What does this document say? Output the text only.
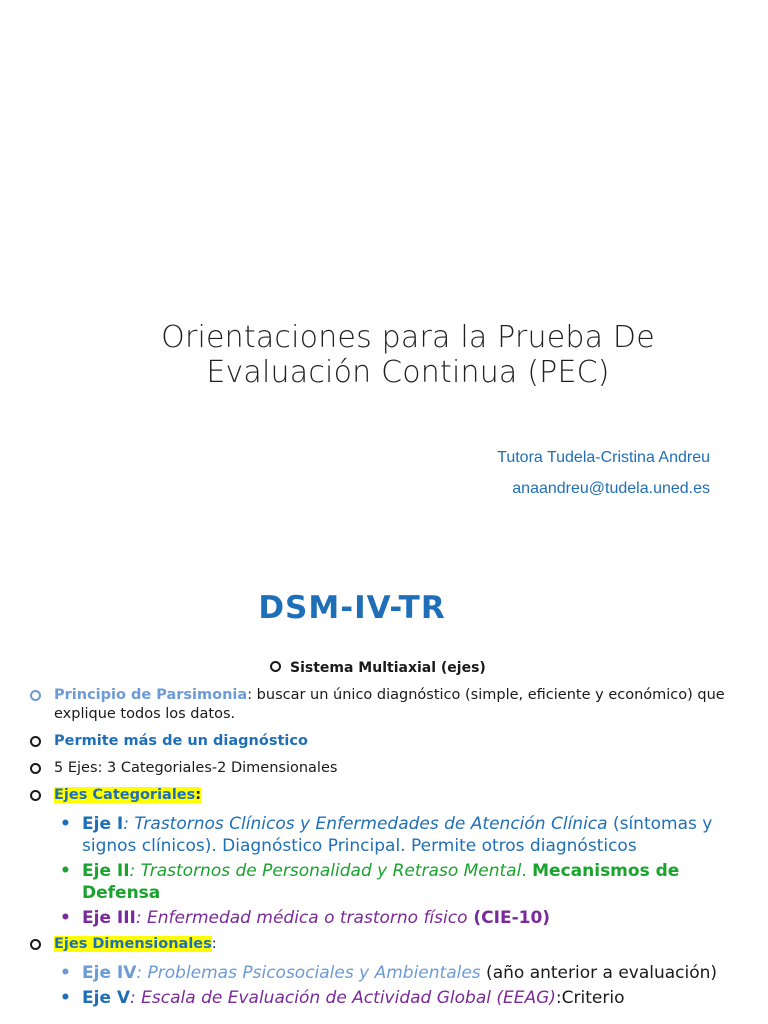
Orientaciones para la Prueba De
Evaluación Continua (PEC)
Tutora Tudela-Cristina Andreu
anaandreu@tudela.uned.es
DSM-IV-TR
Sistema Multiaxial (ejes)
Principio de Parsimonia: buscar un único diagnóstico (simple, eficiente y económico) que explique todos los datos.
Permite más de un diagnóstico
5 Ejes: 3 Categoriales-2 Dimensionales
Ejes Categoriales:
• Eje I: Trastornos Clínicos y Enfermedades de Atención Clínica (síntomas y signos clínicos). Diagnóstico Principal. Permite otros diagnósticos
• Eje II: Trastornos de Personalidad y Retraso Mental. Mecanismos de Defensa
• Eje III: Enfermedad médica o trastorno físico (CIE-10)
Ejes Dimensionales:
• Eje IV: Problemas Psicosociales y Ambientales (año anterior a evaluación)
• Eje V: Escala de Evaluación de Actividad Global (EEAG):Criterio
